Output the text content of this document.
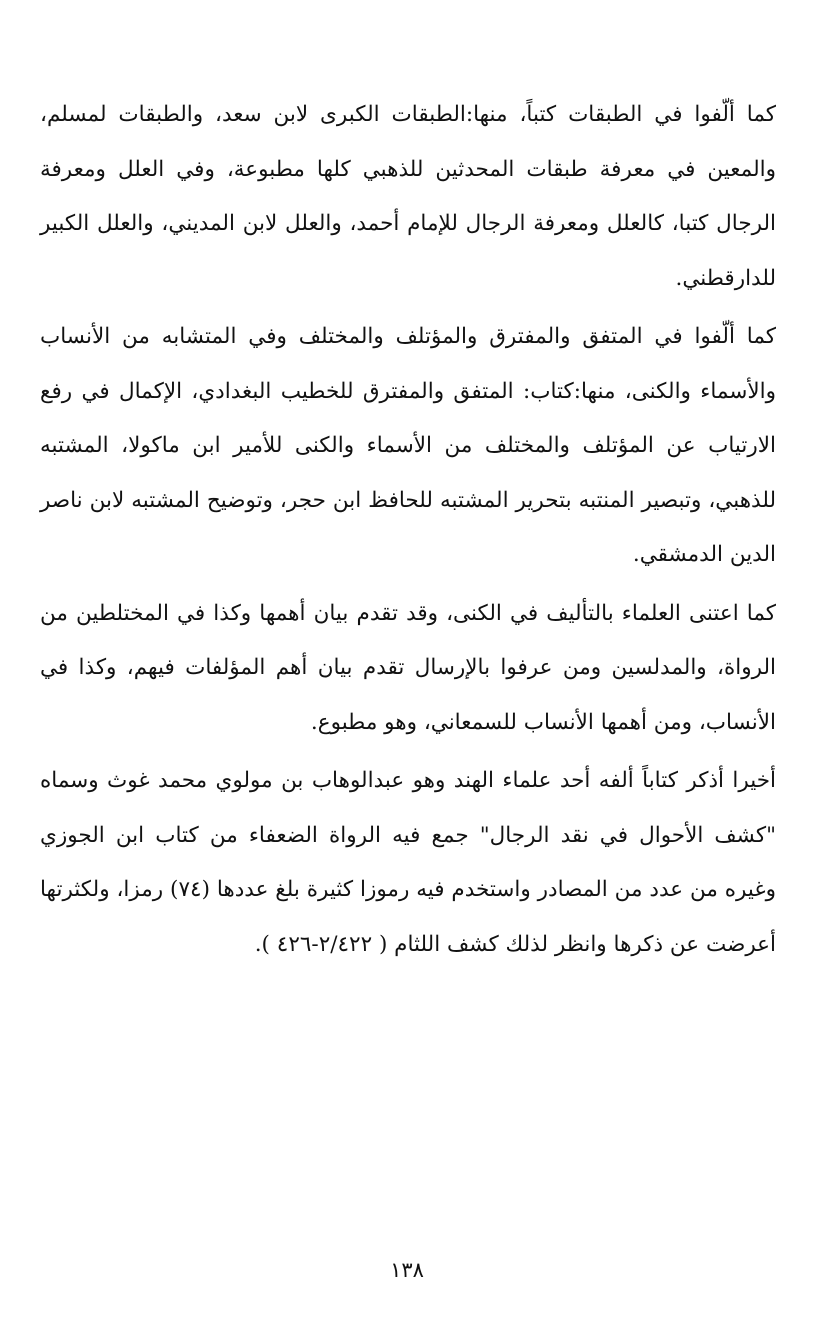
كما ألّفوا في الطبقات كتباً، منها:الطبقات الكبرى لابن سعد، والطبقات لمسلم، والمعين في معرفة طبقات المحدثين للذهبي كلها مطبوعة، وفي العلل ومعرفة الرجال كتبا، كالعلل ومعرفة الرجال للإمام أحمد، والعلل لابن المديني، والعلل الكبير للدارقطني.

كما ألّفوا في المتفق والمفترق والمؤتلف والمختلف وفي المتشابه من الأنساب والأسماء والكنى، منها:كتاب: المتفق والمفترق للخطيب البغدادي، الإكمال في رفع الارتياب عن المؤتلف والمختلف من الأسماء والكنى للأمير ابن ماكولا، المشتبه للذهبي، وتبصير المنتبه بتحرير المشتبه للحافظ ابن حجر، وتوضيح المشتبه لابن ناصر الدين الدمشقي.

كما اعتنى العلماء بالتأليف في الكنى، وقد تقدم بيان أهمها وكذا في المختلطين من الرواة، والمدلسين ومن عرفوا بالإرسال تقدم بيان أهم المؤلفات فيهم، وكذا في الأنساب، ومن أهمها الأنساب للسمعاني، وهو مطبوع.

أخيرا أذكر كتاباً ألفه أحد علماء الهند وهو عبدالوهاب بن مولوي محمد غوث وسماه "كشف الأحوال في نقد الرجال" جمع فيه الرواة الضعفاء من كتاب ابن الجوزي وغيره من عدد من المصادر واستخدم فيه رموزا كثيرة بلغ عددها (٧٤) رمزا، ولكثرتها أعرضت عن ذكرها وانظر لذلك كشف اللثام ( ٢/٤٢٢-٤٢٦ ).

١٣٨
